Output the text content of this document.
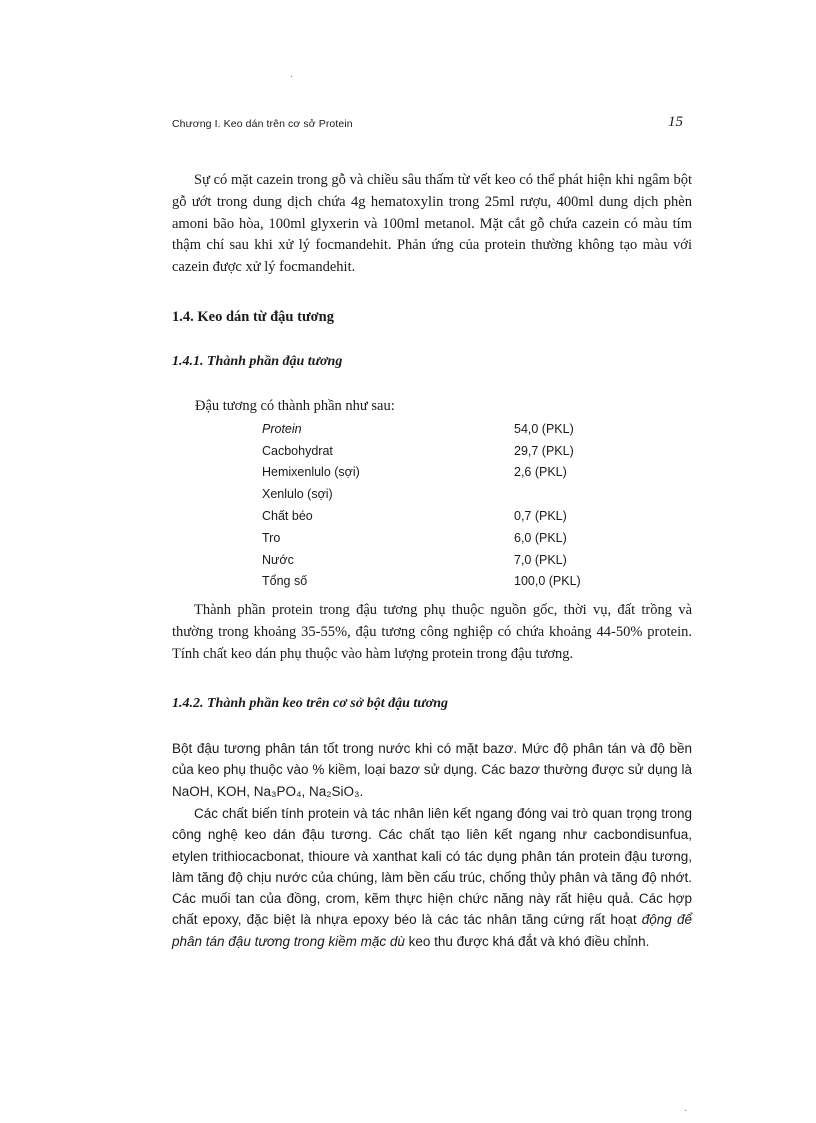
Chương I. Keo dán trên cơ sở Protein	15

Sự có mặt cazein trong gỗ và chiều sâu thấm từ vết keo có thể phát hiện khi ngâm bột gỗ ướt trong dung dịch chứa 4g hematoxylin trong 25ml rượu, 400ml dung dịch phèn amoni bão hòa, 100ml glyxerin và 100ml metanol. Mặt cắt gỗ chứa cazein có màu tím thậm chí sau khi xử lý focmandehit. Phản ứng của protein thường không tạo màu với cazein được xử lý focmandehit.

1.4. Keo dán từ đậu tương
1.4.1. Thành phần đậu tương
Đậu tương có thành phần như sau:
Protein	54,0 (PKL)
Cacbohydrat	29,7 (PKL)
Hemixenlulo (sợi)	2,6 (PKL)
Xenlulo (sợi)	
Chất béo	0,7 (PKL)
Tro	6,0 (PKL)
Nước	7,0 (PKL)
Tổng số	100,0 (PKL)

Thành phần protein trong đậu tương phụ thuộc nguồn gốc, thời vụ, đất trồng và thường trong khoảng 35-55%, đậu tương công nghiệp có chứa khoảng 44-50% protein. Tính chất keo dán phụ thuộc vào hàm lượng protein trong đậu tương.

1.4.2. Thành phần keo trên cơ sở bột đậu tương

Bột đậu tương phân tán tốt trong nước khi có mặt bazơ. Mức độ phân tán và độ bền của keo phụ thuộc vào % kiềm, loại bazơ sử dụng. Các bazơ thường được sử dụng là NaOH, KOH, Na₃PO₄, Na₂SiO₃.

Các chất biến tính protein và tác nhân liên kết ngang đóng vai trò quan trọng trong công nghệ keo dán đậu tương. Các chất tạo liên kết ngang như cacbondisunfua, etylen trithiocacbonat, thioure và xanthat kali có tác dụng phân tán protein đậu tương, làm tăng độ chịu nước của chúng, làm bền cấu trúc, chống thủy phân và tăng độ nhớt. Các muối tan của đồng, crom, kẽm thực hiện chức năng này rất hiệu quả. Các hợp chất epoxy, đặc biệt là nhựa epoxy béo là các tác nhân tăng cứng rất hoạt động để phân tán đậu tương trong kiềm mặc dù keo thu được khá đắt và khó điều chỉnh.

·
·
